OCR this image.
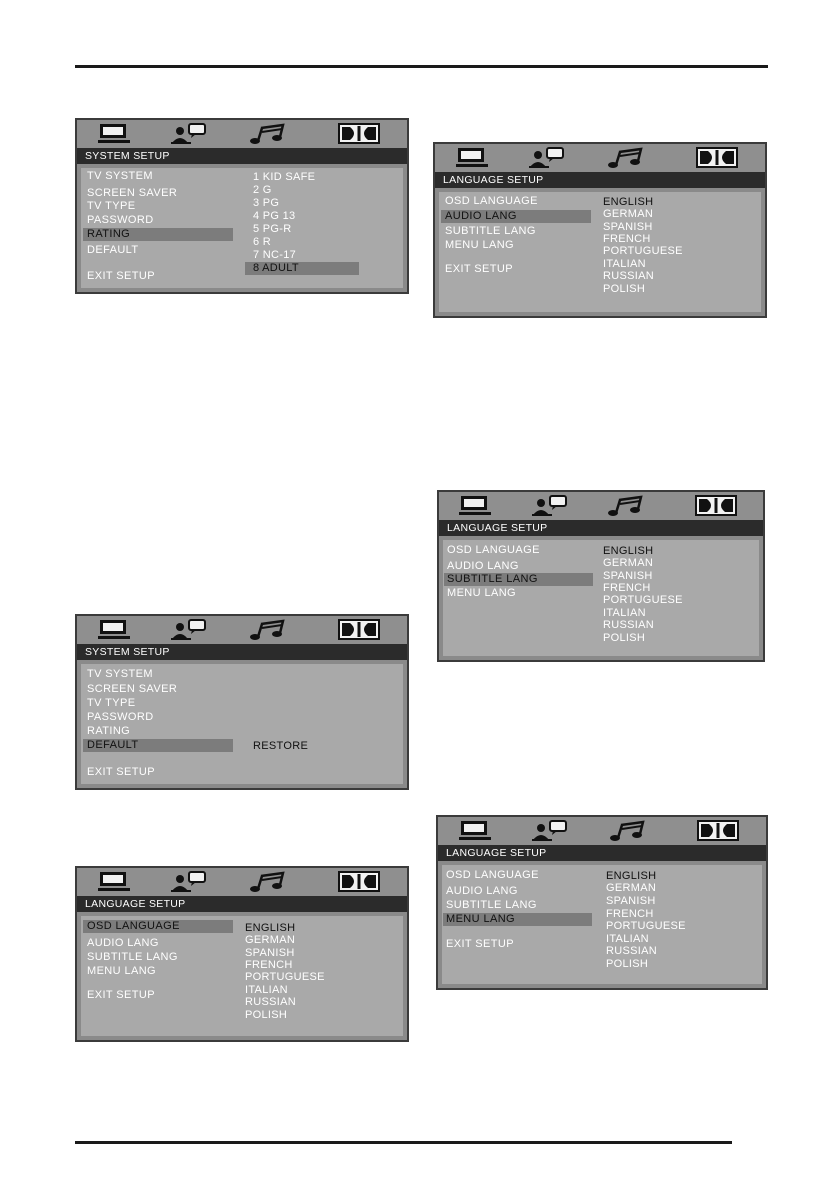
SYSTEM SETUP
TV SYSTEM
SCREEN SAVER
TV TYPE
PASSWORD
RATING
DEFAULT
EXIT SETUP
1 KID SAFE
2 G
3 PG
4 PG 13
5 PG-R
6 R
7 NC-17
8 ADULT
SYSTEM SETUP
TV SYSTEM
SCREEN SAVER
TV TYPE
PASSWORD
RATING
DEFAULT
EXIT SETUP
RESTORE
LANGUAGE SETUP
OSD LANGUAGE
AUDIO LANG
SUBTITLE LANG
MENU LANG
EXIT SETUP
ENGLISH
GERMAN
SPANISH
FRENCH
PORTUGUESE
ITALIAN
RUSSIAN
POLISH
LANGUAGE SETUP
OSD LANGUAGE
AUDIO LANG
SUBTITLE LANG
MENU LANG
EXIT SETUP
ENGLISH
GERMAN
SPANISH
FRENCH
PORTUGUESE
ITALIAN
RUSSIAN
POLISH
LANGUAGE SETUP
OSD LANGUAGE
AUDIO LANG
SUBTITLE LANG
MENU LANG
ENGLISH
GERMAN
SPANISH
FRENCH
PORTUGUESE
ITALIAN
RUSSIAN
POLISH
LANGUAGE SETUP
OSD LANGUAGE
AUDIO LANG
SUBTITLE LANG
MENU LANG
EXIT SETUP
ENGLISH
GERMAN
SPANISH
FRENCH
PORTUGUESE
ITALIAN
RUSSIAN
POLISH
